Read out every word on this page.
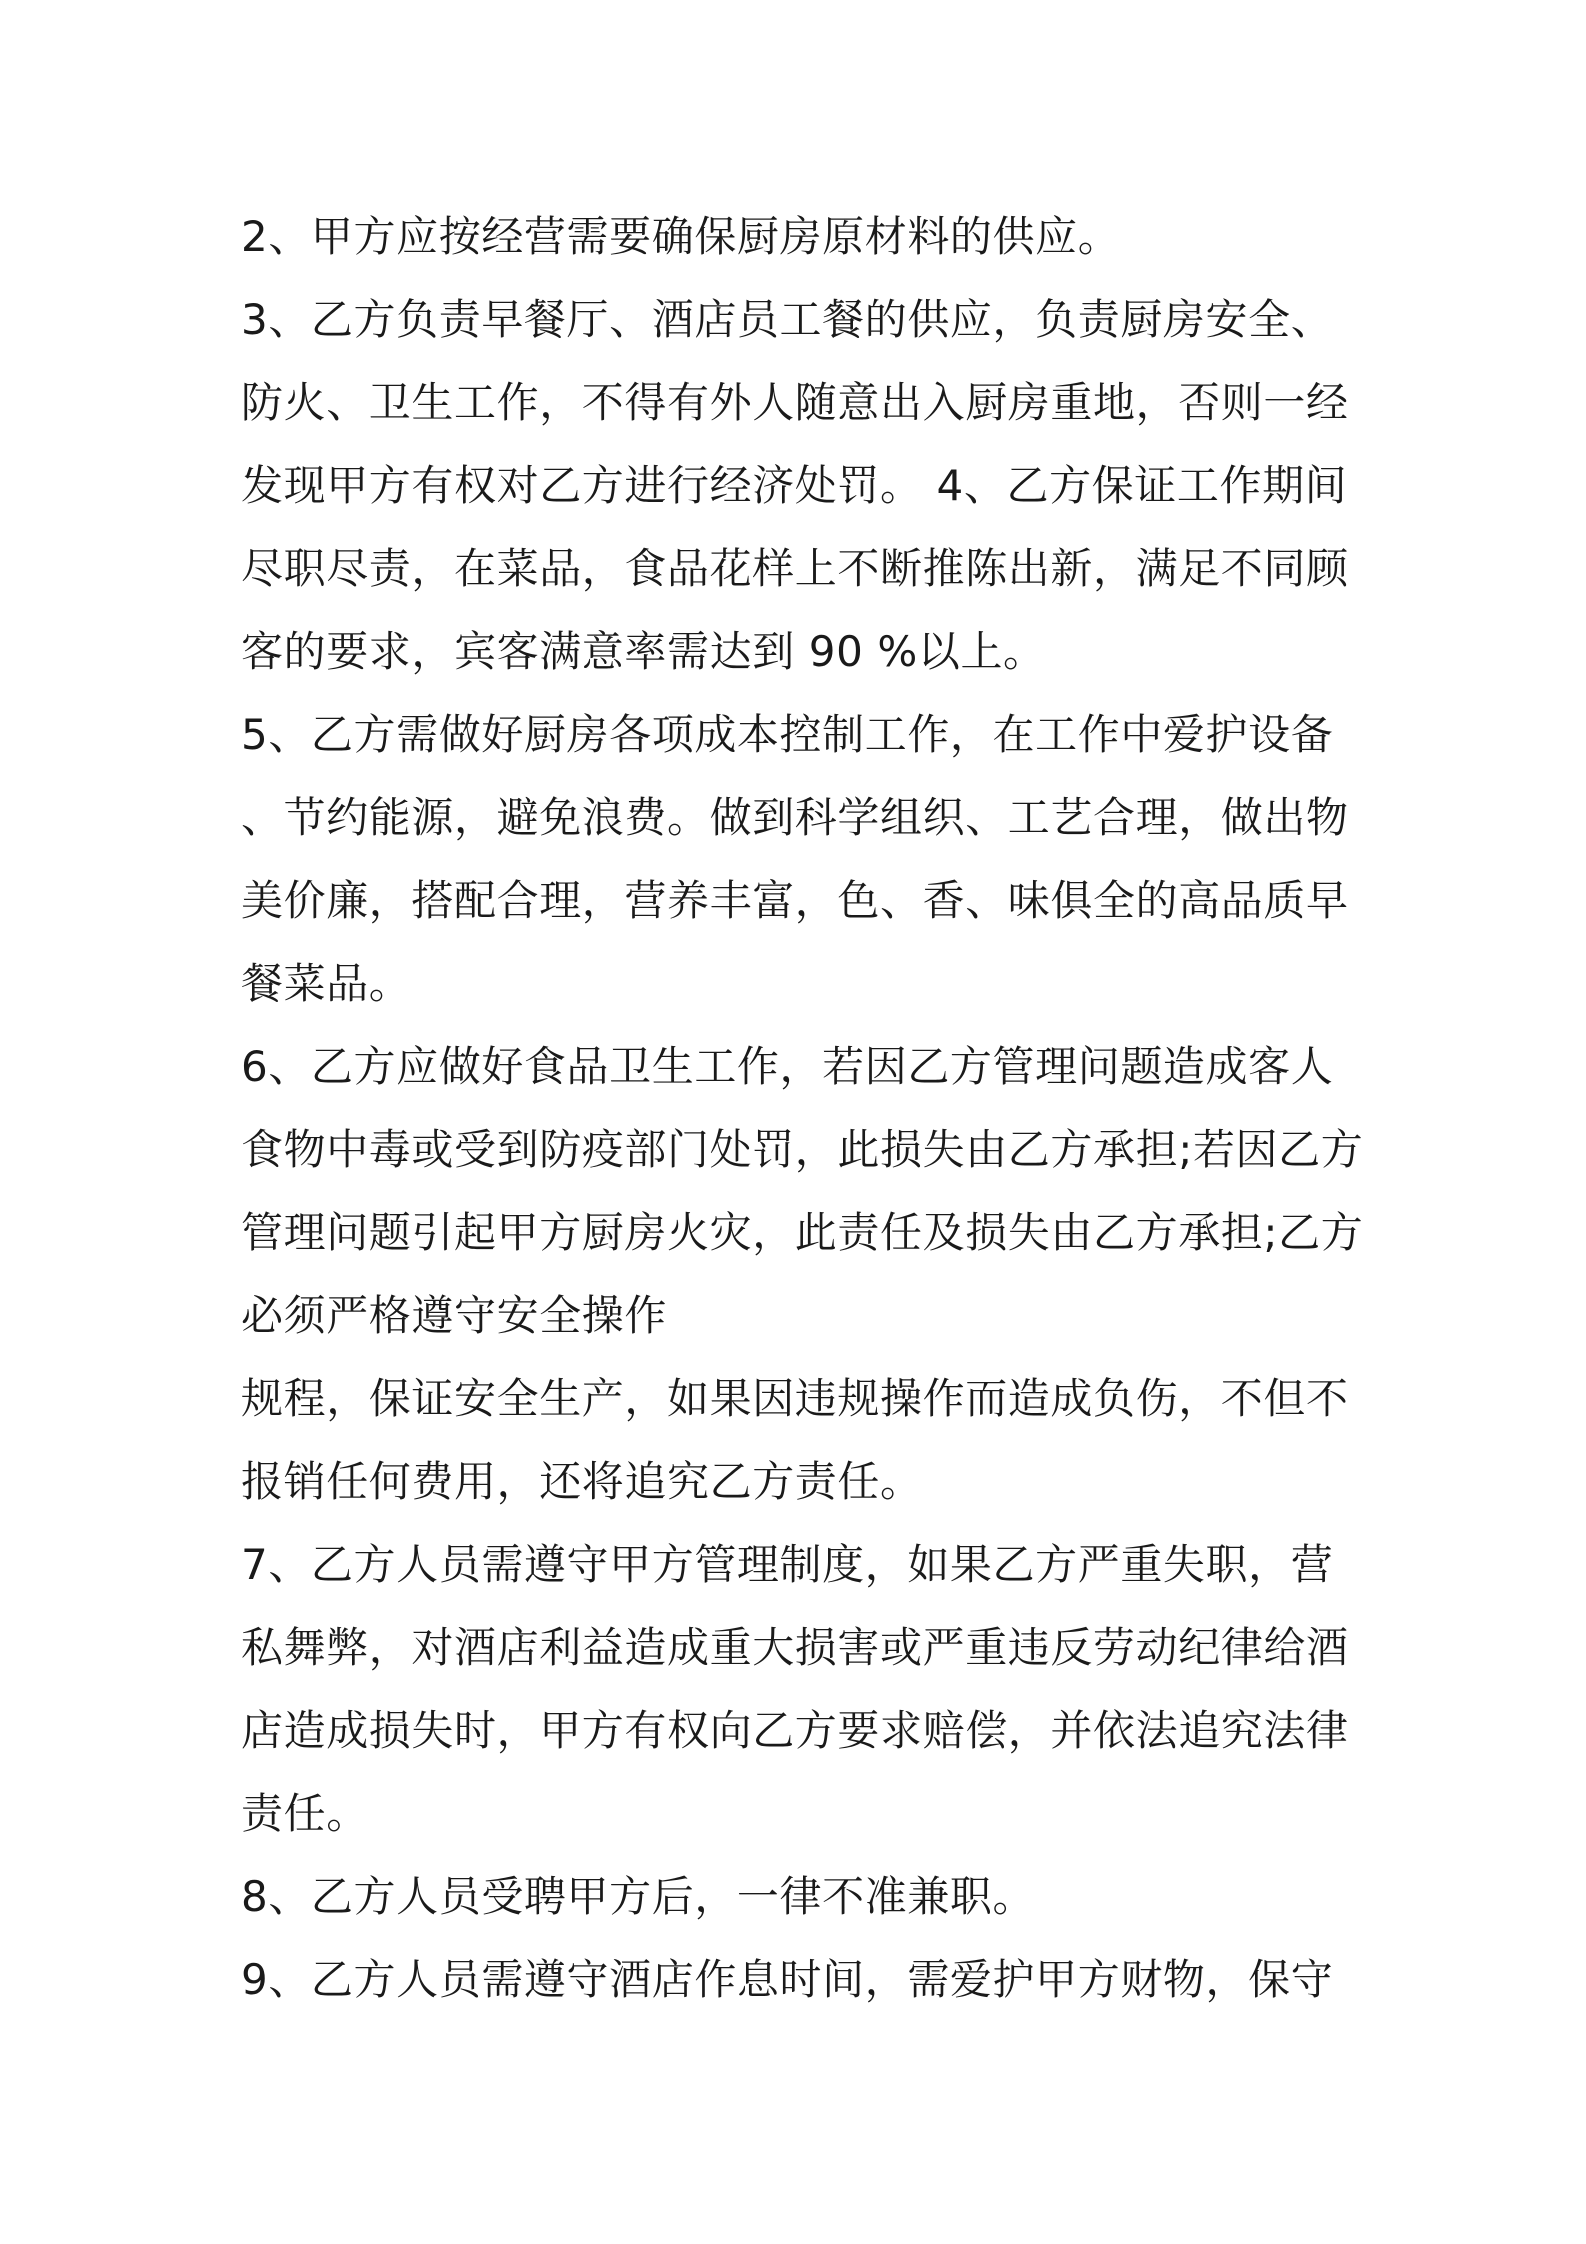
2、甲方应按经营需要确保厨房原材料的供应。
3、乙方负责早餐厅、酒店员工餐的供应，负责厨房安全、
防火、卫生工作，不得有外人随意出入厨房重地，否则一经
发现甲方有权对乙方进行经济处罚。 4、乙方保证工作期间
尽职尽责，在菜品，食品花样上不断推陈出新，满足不同顾
客的要求，宾客满意率需达到 90 %以上。
5、乙方需做好厨房各项成本控制工作，在工作中爱护设备
、节约能源，避免浪费。做到科学组织、工艺合理，做出物
美价廉，搭配合理，营养丰富，色、香、味俱全的高品质早
餐菜品。
6、乙方应做好食品卫生工作，若因乙方管理问题造成客人
食物中毒或受到防疫部门处罚，此损失由乙方承担;若因乙方
管理问题引起甲方厨房火灾，此责任及损失由乙方承担;乙方
必须严格遵守安全操作
规程，保证安全生产，如果因违规操作而造成负伤，不但不
报销任何费用，还将追究乙方责任。
7、乙方人员需遵守甲方管理制度，如果乙方严重失职，营
私舞弊，对酒店利益造成重大损害或严重违反劳动纪律给酒
店造成损失时，甲方有权向乙方要求赔偿，并依法追究法律
责任。
8、乙方人员受聘甲方后，一律不准兼职。
9、乙方人员需遵守酒店作息时间，需爱护甲方财物，保守
